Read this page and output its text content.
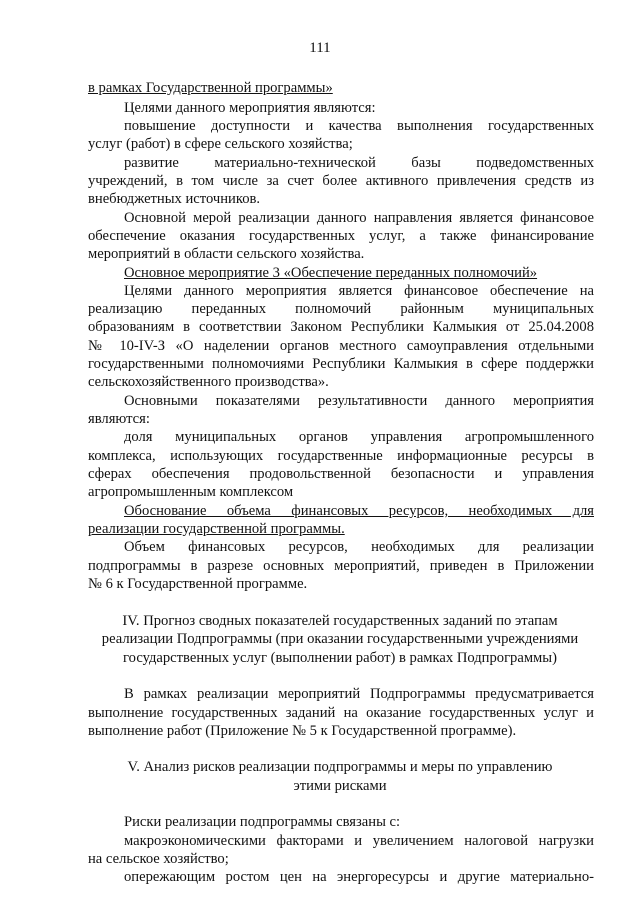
111
в рамках Государственной программы»
Целями данного мероприятия являются:
повышение доступности и качества выполнения государственных
услуг (работ) в сфере сельского хозяйства;
развитие материально-технической базы подведомственных
учреждений, в том числе за счет более активного привлечения средств из
внебюджетных источников.
Основной мерой реализации данного направления является финансовое
обеспечение оказания государственных услуг, а также финансирование
мероприятий в области сельского хозяйства.
Основное мероприятие 3 «Обеспечение переданных полномочий»
Целями данного мероприятия является финансовое обеспечение на
реализацию переданных полномочий районным муниципальных
образованиям в соответствии Законом Республики Калмыкия от 25.04.2008
№ 10-IV-З «О наделении органов местного самоуправления отдельными
государственными полномочиями Республики Калмыкия в сфере поддержки
сельскохозяйственного производства».
Основными показателями результативности данного мероприятия
являются:
доля муниципальных органов управления агропромышленного
комплекса, использующих государственные информационные ресурсы в
сферах обеспечения продовольственной безопасности и управления
агропромышленным комплексом
Обоснование объема финансовых ресурсов, необходимых для
реализации государственной программы.
Объем финансовых ресурсов, необходимых для реализации
подпрограммы в разрезе основных мероприятий, приведен в Приложении
№ 6 к Государственной программе.
IV. Прогноз сводных показателей государственных заданий по этапам
реализации Подпрограммы (при оказании государственными учреждениями
государственных услуг (выполнении работ) в рамках Подпрограммы)
В рамках реализации мероприятий Подпрограммы предусматривается
выполнение государственных заданий на оказание государственных услуг и
выполнение работ (Приложение № 5 к Государственной программе).
V. Анализ рисков реализации подпрограммы и меры по управлению
этими рисками
Риски реализации подпрограммы связаны с:
макроэкономическими факторами и увеличением налоговой нагрузки
на сельское хозяйство;
опережающим ростом цен на энергоресурсы и другие материально-
